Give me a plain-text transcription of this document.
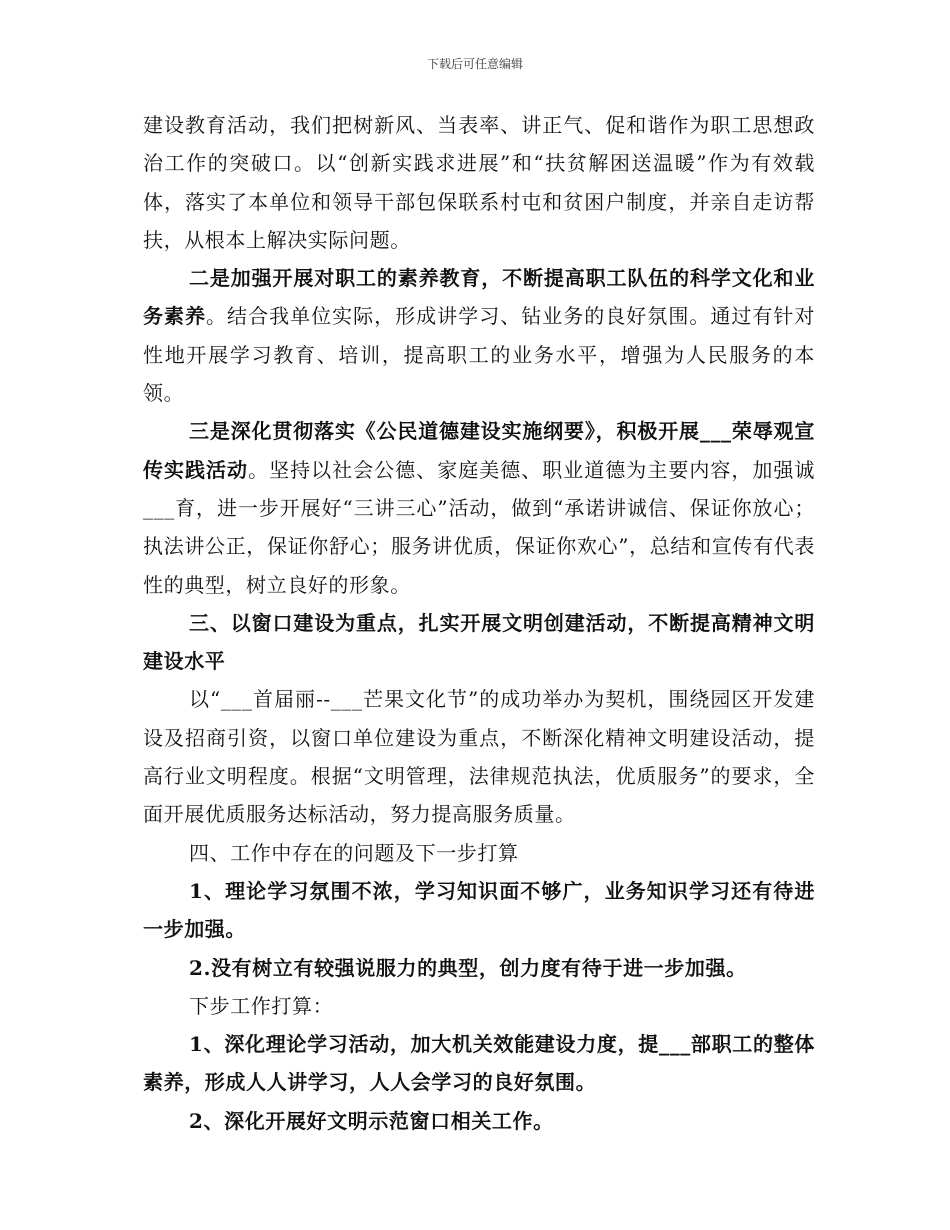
下载后可任意编辑

建设教育活动，我们把树新风、当表率、讲正气、促和谐作为职工思想政治工作的突破口。以“创新实践求进展”和“扶贫解困送温暖”作为有效载体，落实了本单位和领导干部包保联系村屯和贫困户制度，并亲自走访帮扶，从根本上解决实际问题。

二是加强开展对职工的素养教育，不断提高职工队伍的科学文化和业务素养。结合我单位实际，形成讲学习、钻业务的良好氛围。通过有针对性地开展学习教育、培训，提高职工的业务水平，增强为人民服务的本领。

三是深化贯彻落实《公民道德建设实施纲要》，积极开展___荣辱观宣传实践活动。坚持以社会公德、家庭美德、职业道德为主要内容，加强诚___育，进一步开展好“三讲三心”活动，做到“承诺讲诚信、保证你放心；执法讲公正，保证你舒心；服务讲优质，保证你欢心”，总结和宣传有代表性的典型，树立良好的形象。

三、以窗口建设为重点，扎实开展文明创建活动，不断提高精神文明建设水平

以“___首届丽--___芒果文化节”的成功举办为契机，围绕园区开发建设及招商引资，以窗口单位建设为重点，不断深化精神文明建设活动，提高行业文明程度。根据“文明管理，法律规范执法，优质服务”的要求，全面开展优质服务达标活动，努力提高服务质量。

四、工作中存在的问题及下一步打算

1、理论学习氛围不浓，学习知识面不够广，业务知识学习还有待进一步加强。

2.没有树立有较强说服力的典型，创力度有待于进一步加强。

下步工作打算：

1、深化理论学习活动，加大机关效能建设力度，提___部职工的整体素养，形成人人讲学习，人人会学习的良好氛围。

2、深化开展好文明示范窗口相关工作。
